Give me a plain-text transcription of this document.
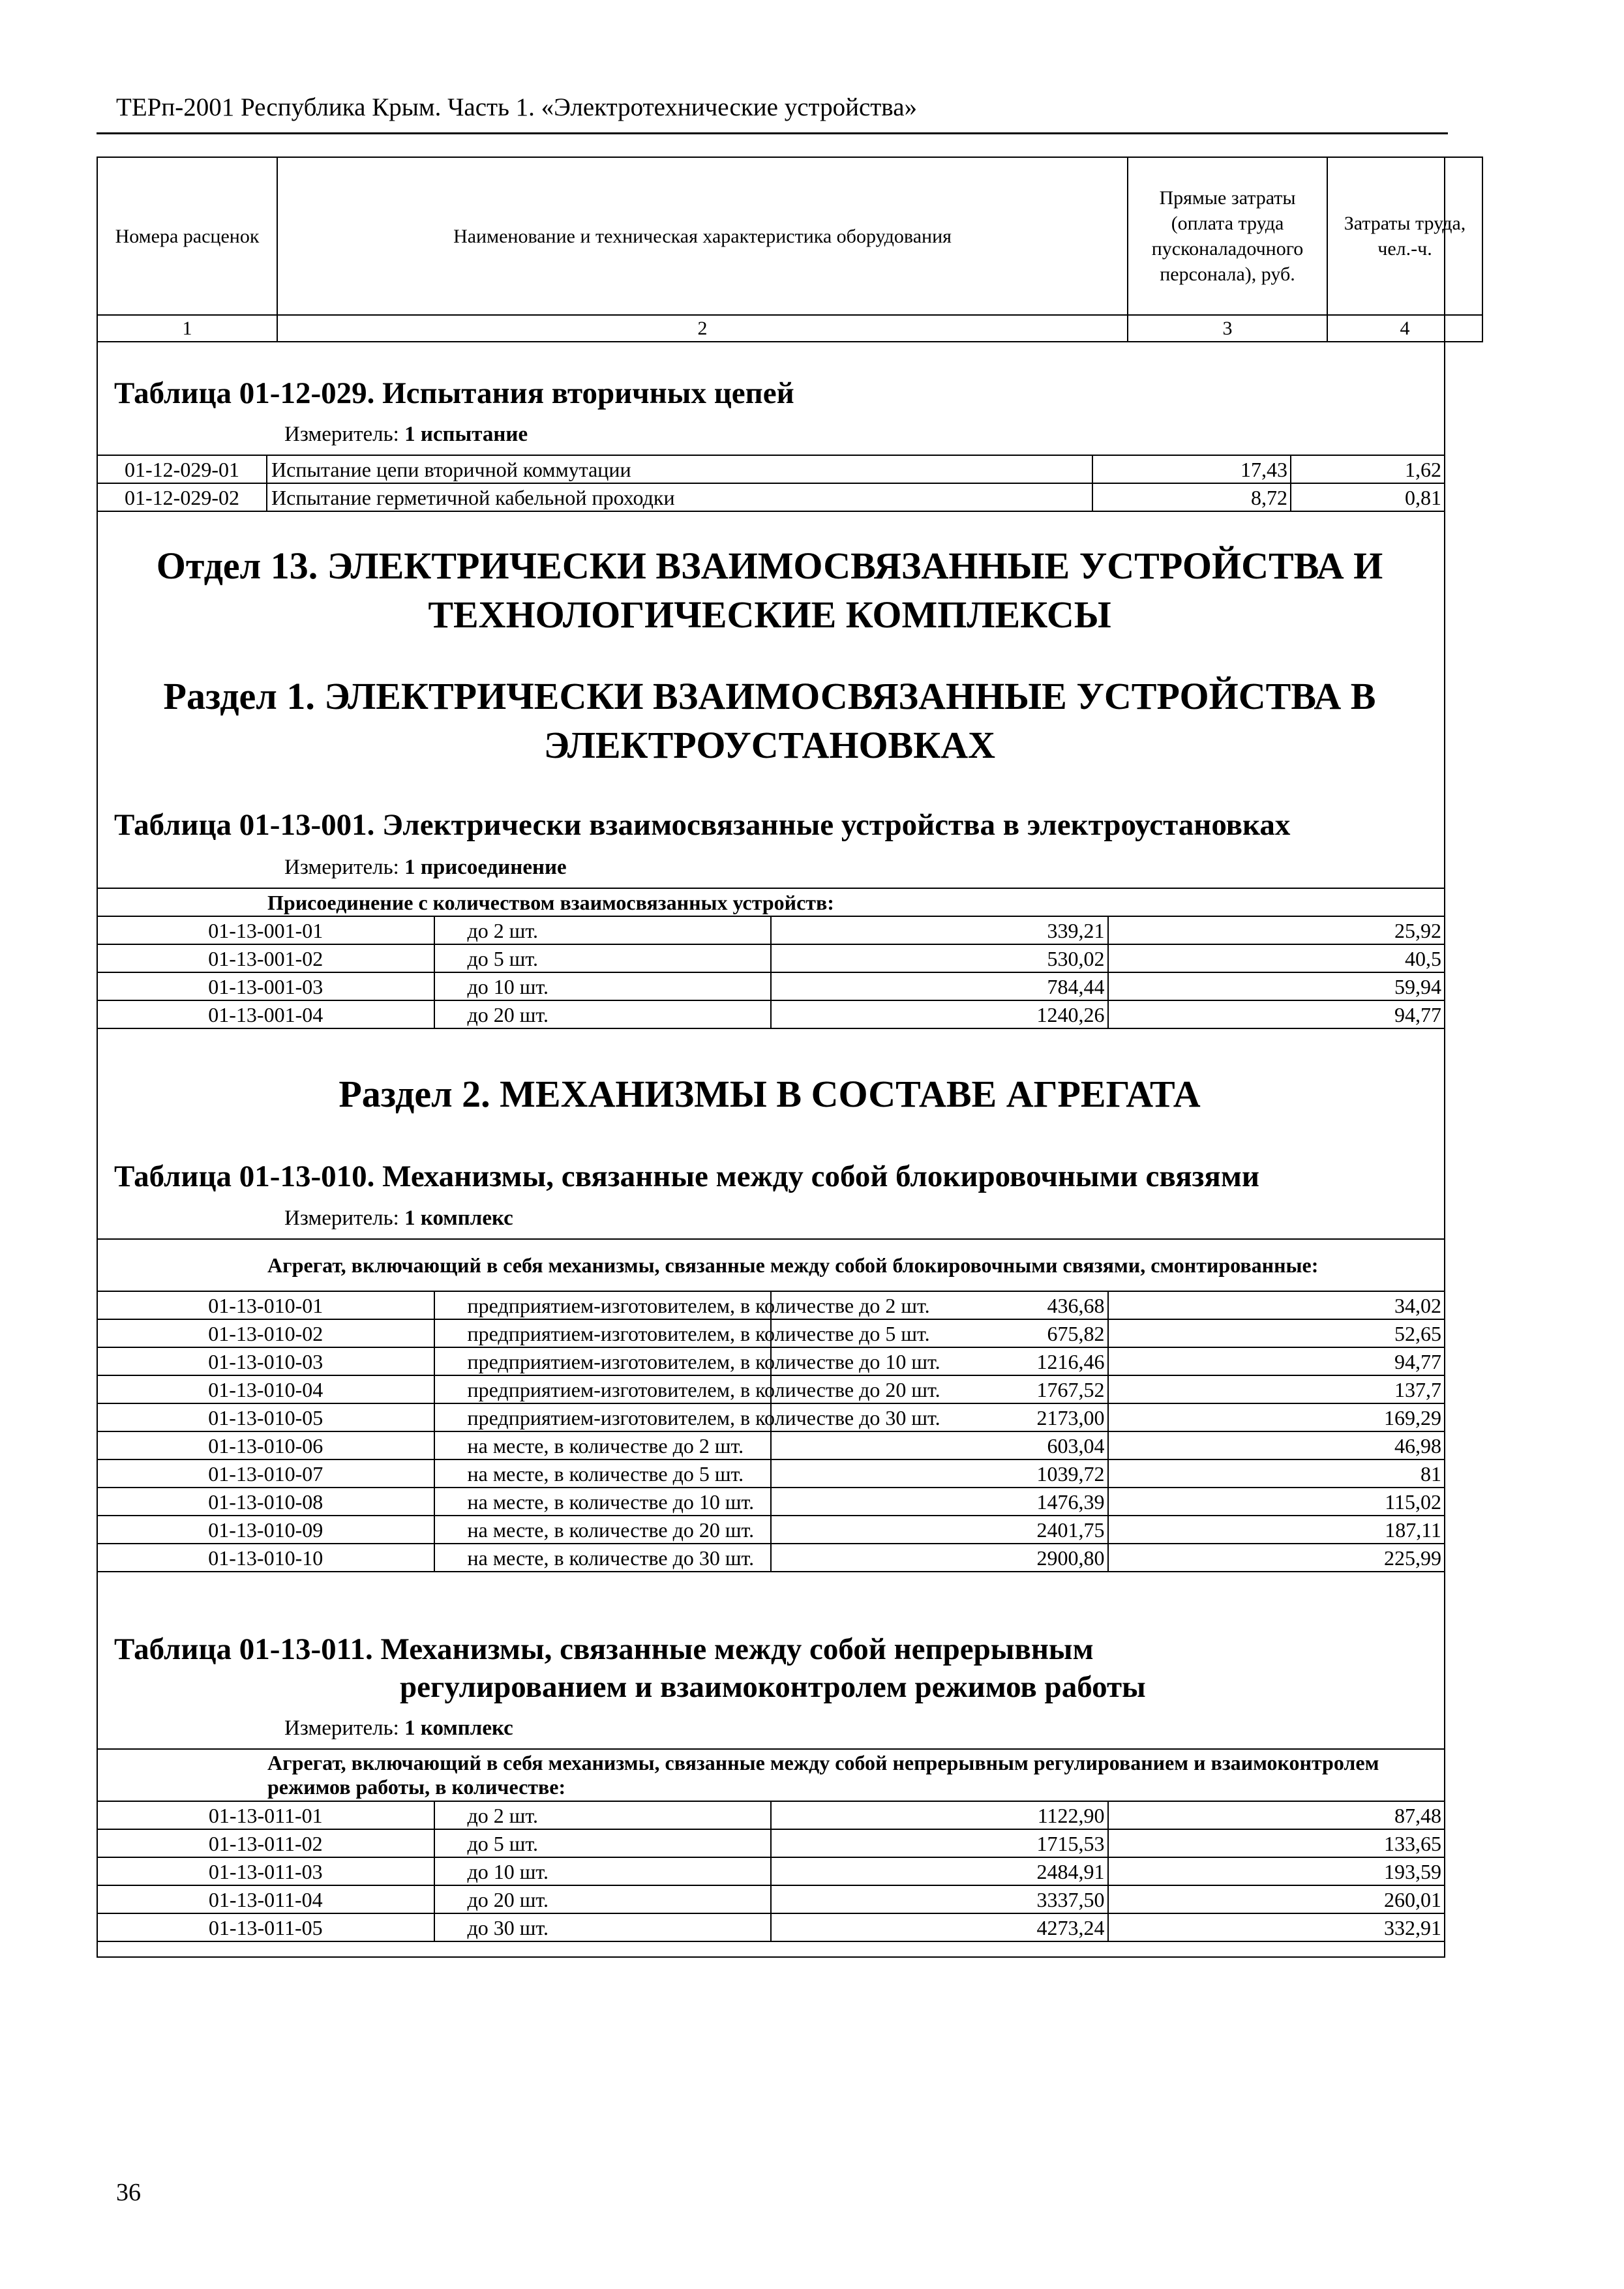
ТЕРп-2001 Республика Крым. Часть 1. «Электротехнические устройства»
Номера расценок	Наименование и техническая характеристика оборудования	Прямые затраты (оплата труда пусконаладочного персонала), руб.	Затраты труда, чел.-ч.
1	2	3	4
Таблица 01-12-029. Испытания вторичных цепей
Измеритель: 1 испытание
01-12-029-01	Испытание цепи вторичной коммутации	17,43	1,62
01-12-029-02	Испытание герметичной кабельной проходки	8,72	0,81
Отдел 13. ЭЛЕКТРИЧЕСКИ ВЗАИМОСВЯЗАННЫЕ УСТРОЙСТВА И ТЕХНОЛОГИЧЕСКИЕ КОМПЛЕКСЫ
Раздел 1. ЭЛЕКТРИЧЕСКИ ВЗАИМОСВЯЗАННЫЕ УСТРОЙСТВА В ЭЛЕКТРОУСТАНОВКАХ
Таблица 01-13-001. Электрически взаимосвязанные устройства в электроустановках
Измеритель: 1 присоединение
Присоединение с количеством взаимосвязанных устройств:			
01-13-001-01	до 2 шт.	339,21	25,92
01-13-001-02	до 5 шт.	530,02	40,5
01-13-001-03	до 10 шт.	784,44	59,94
01-13-001-04	до 20 шт.	1240,26	94,77
Раздел 2. МЕХАНИЗМЫ В СОСТАВЕ АГРЕГАТА
Таблица 01-13-010. Механизмы, связанные между собой блокировочными связями
Измеритель: 1 комплекс
Агрегат, включающий в себя механизмы, связанные между собой блокировочными связями, смонтированные:			
01-13-010-01	предприятием-изготовителем, в количестве до 2 шт.	436,68	34,02
01-13-010-02	предприятием-изготовителем, в количестве до 5 шт.	675,82	52,65
01-13-010-03	предприятием-изготовителем, в количестве до 10 шт.	1216,46	94,77
01-13-010-04	предприятием-изготовителем, в количестве до 20 шт.	1767,52	137,7
01-13-010-05	предприятием-изготовителем, в количестве до 30 шт.	2173,00	169,29
01-13-010-06	на месте, в количестве до 2 шт.	603,04	46,98
01-13-010-07	на месте, в количестве до 5 шт.	1039,72	81
01-13-010-08	на месте, в количестве до 10 шт.	1476,39	115,02
01-13-010-09	на месте, в количестве до 20 шт.	2401,75	187,11
01-13-010-10	на месте, в количестве до 30 шт.	2900,80	225,99
Таблица 01-13-011. Механизмы, связанные между собой непрерывным
регулированием и взаимоконтролем режимов работы
Измеритель: 1 комплекс
Агрегат, включающий в себя механизмы, связанные между собой непрерывным регулированием и взаимоконтролем режимов работы, в количестве:			
01-13-011-01	до 2 шт.	1122,90	87,48
01-13-011-02	до 5 шт.	1715,53	133,65
01-13-011-03	до 10 шт.	2484,91	193,59
01-13-011-04	до 20 шт.	3337,50	260,01
01-13-011-05	до 30 шт.	4273,24	332,91
36
